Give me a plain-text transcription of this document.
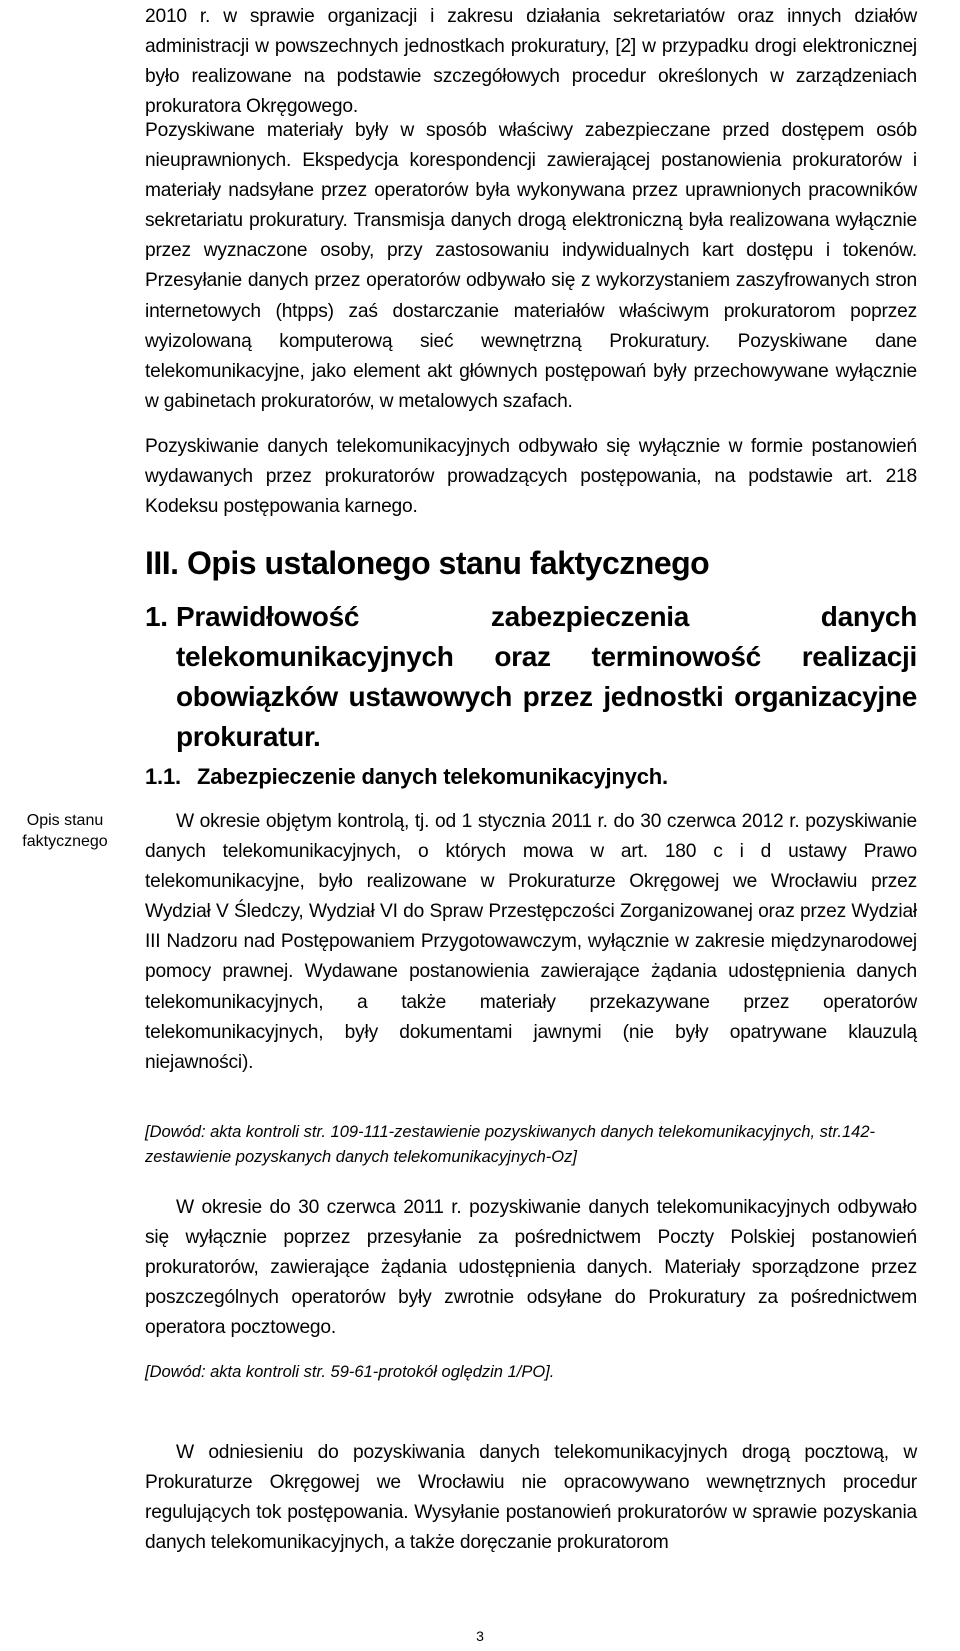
2010 r. w sprawie organizacji i zakresu działania sekretariatów oraz innych działów administracji w powszechnych jednostkach prokuratury, [2] w przypadku drogi elektronicznej było realizowane na podstawie szczegółowych procedur określonych w zarządzeniach prokuratora Okręgowego.

Pozyskiwane materiały były w sposób właściwy zabezpieczane przed dostępem osób nieuprawnionych. Ekspedycja korespondencji zawierającej postanowienia prokuratorów i materiały nadsyłane przez operatorów była wykonywana przez uprawnionych pracowników sekretariatu prokuratury. Transmisja danych drogą elektroniczną była realizowana wyłącznie przez wyznaczone osoby, przy zastosowaniu indywidualnych kart dostępu i tokenów. Przesyłanie danych przez operatorów odbywało się z wykorzystaniem zaszyfrowanych stron internetowych (htpps) zaś dostarczanie materiałów właściwym prokuratorom poprzez wyizolowaną komputerową sieć wewnętrzną Prokuratury. Pozyskiwane dane telekomunikacyjne, jako element akt głównych postępowań były przechowywane wyłącznie w gabinetach prokuratorów, w metalowych szafach.

Pozyskiwanie danych telekomunikacyjnych odbywało się wyłącznie w formie postanowień wydawanych przez prokuratorów prowadzących postępowania, na podstawie art. 218 Kodeksu postępowania karnego.

III. Opis ustalonego stanu faktycznego
1. Prawidłowość zabezpieczenia danych telekomunikacyjnych oraz terminowość realizacji obowiązków ustawowych przez jednostki organizacyjne prokuratur.
1.1. Zabezpieczenie danych telekomunikacyjnych.

W okresie objętym kontrolą, tj. od 1 stycznia 2011 r. do 30 czerwca 2012 r. pozyskiwanie danych telekomunikacyjnych, o których mowa w art. 180 c i d ustawy Prawo telekomunikacyjne, było realizowane w Prokuraturze Okręgowej we Wrocławiu przez Wydział V Śledczy, Wydział VI do Spraw Przestępczości Zorganizowanej oraz przez Wydział III Nadzoru nad Postępowaniem Przygotowawczym, wyłącznie w zakresie międzynarodowej pomocy prawnej. Wydawane postanowienia zawierające żądania udostępnienia danych telekomunikacyjnych, a także materiały przekazywane przez operatorów telekomunikacyjnych, były dokumentami jawnymi (nie były opatrywane klauzulą niejawności).

[Dowód: akta kontroli str. 109-111-zestawienie pozyskiwanych danych telekomunikacyjnych, str.142-zestawienie pozyskanych danych telekomunikacyjnych-Oz]

W okresie do 30 czerwca 2011 r. pozyskiwanie danych telekomunikacyjnych odbywało się wyłącznie poprzez przesyłanie za pośrednictwem Poczty Polskiej postanowień prokuratorów, zawierające żądania udostępnienia danych. Materiały sporządzone przez poszczególnych operatorów były zwrotnie odsyłane do Prokuratury za pośrednictwem operatora pocztowego.

[Dowód: akta kontroli str. 59-61-protokół oględzin 1/PO].

W odniesieniu do pozyskiwania danych telekomunikacyjnych drogą pocztową, w Prokuraturze Okręgowej we Wrocławiu nie opracowywano wewnętrznych procedur regulujących tok postępowania. Wysyłanie postanowień prokuratorów w sprawie pozyskania danych telekomunikacyjnych, a także doręczanie prokuratorom

Opis stanu faktycznego
3
